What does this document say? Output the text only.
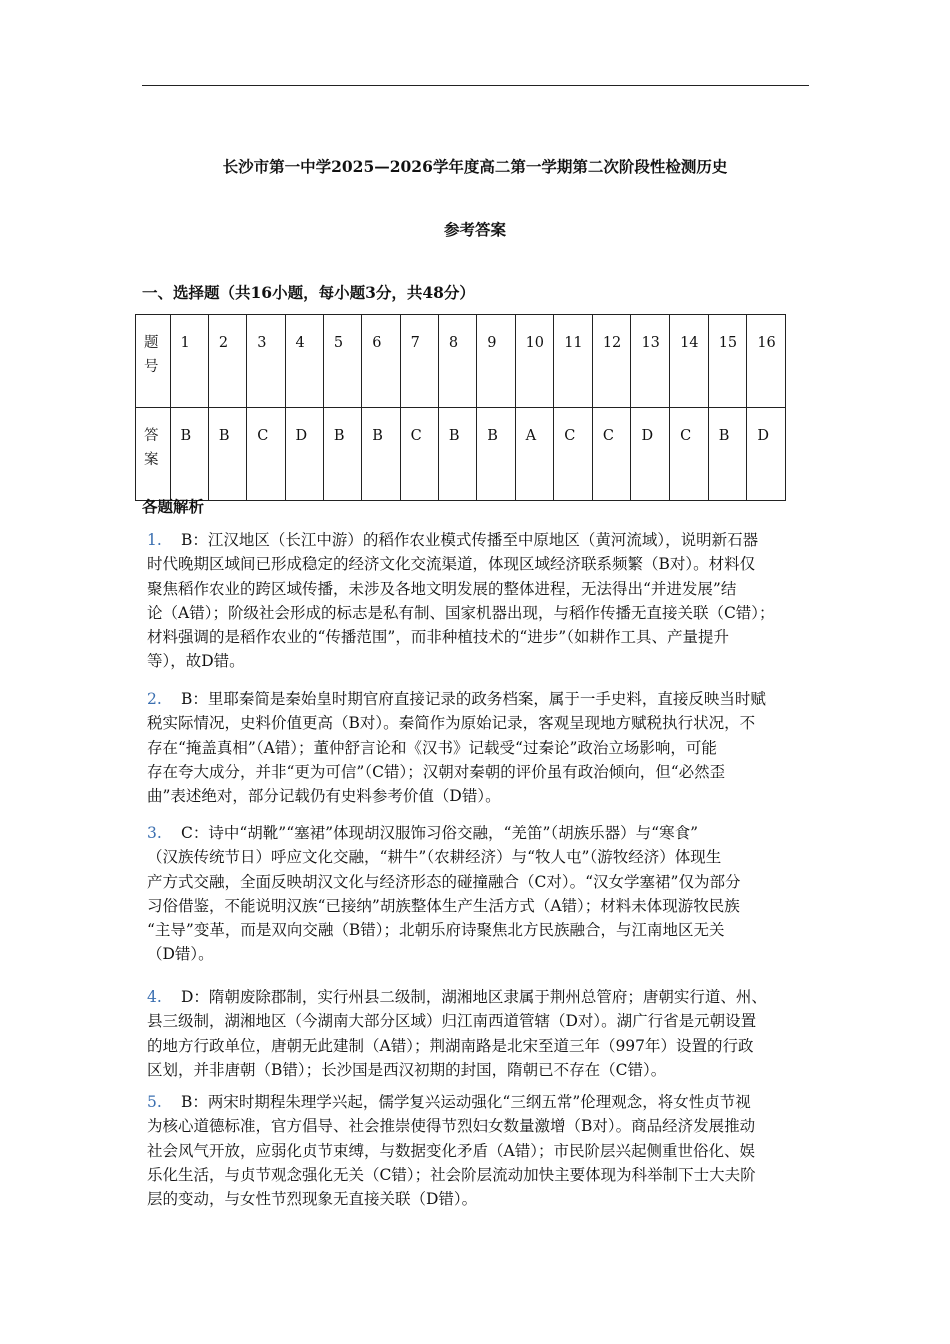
长沙市第一中学2025—2026学年度高二第一学期第二次阶段性检测历史
参考答案
一、选择题（共16小题，每小题3分，共48分）
题
号	1	2	3	4	5	6	7	8	9	10	11	12	13	14	15	16

答
案	B	B	C	D	B	B	C	B	B	A	C	C	D	C	B	D
各题解析
1. B：江汉地区（长江中游）的稻作农业模式传播至中原地区（黄河流域），说明新石器
时代晚期区域间已形成稳定的经济文化交流渠道，体现区域经济联系频繁（B对）。材料仅
聚焦稻作农业的跨区域传播，未涉及各地文明发展的整体进程，无法得出“并进发展”结
论（A错）；阶级社会形成的标志是私有制、国家机器出现，与稻作传播无直接关联（C错）；
材料强调的是稻作农业的“传播范围”，而非种植技术的“进步”（如耕作工具、产量提升
等），故D错。
2. B：里耶秦简是秦始皇时期官府直接记录的政务档案，属于一手史料，直接反映当时赋
税实际情况，史料价值更高（B对）。秦简作为原始记录，客观呈现地方赋税执行状况，不
存在“掩盖真相”（A错）；董仲舒言论和《汉书》记载受“过秦论”政治立场影响，可能
存在夸大成分，并非“更为可信”（C错）；汉朝对秦朝的评价虽有政治倾向，但“必然歪
曲”表述绝对，部分记载仍有史料参考价值（D错）。
3. C：诗中“胡靴”“塞裙”体现胡汉服饰习俗交融，“羌笛”（胡族乐器）与“寒食”
（汉族传统节日）呼应文化交融，“耕牛”（农耕经济）与“牧人屯”（游牧经济）体现生
产方式交融，全面反映胡汉文化与经济形态的碰撞融合（C对）。“汉女学塞裙”仅为部分
习俗借鉴，不能说明汉族“已接纳”胡族整体生产生活方式（A错）；材料未体现游牧民族
“主导”变革，而是双向交融（B错）；北朝乐府诗聚焦北方民族融合，与江南地区无关
（D错）。
4. D：隋朝废除郡制，实行州县二级制，湖湘地区隶属于荆州总管府；唐朝实行道、州、
县三级制，湖湘地区（今湖南大部分区域）归江南西道管辖（D对）。湖广行省是元朝设置
的地方行政单位，唐朝无此建制（A错）；荆湖南路是北宋至道三年（997年）设置的行政
区划，并非唐朝（B错）；长沙国是西汉初期的封国，隋朝已不存在（C错）。
5. B：两宋时期程朱理学兴起，儒学复兴运动强化“三纲五常”伦理观念，将女性贞节视
为核心道德标准，官方倡导、社会推崇使得节烈妇女数量激增（B对）。商品经济发展推动
社会风气开放，应弱化贞节束缚，与数据变化矛盾（A错）；市民阶层兴起侧重世俗化、娱
乐化生活，与贞节观念强化无关（C错）；社会阶层流动加快主要体现为科举制下士大夫阶
层的变动，与女性节烈现象无直接关联（D错）。
